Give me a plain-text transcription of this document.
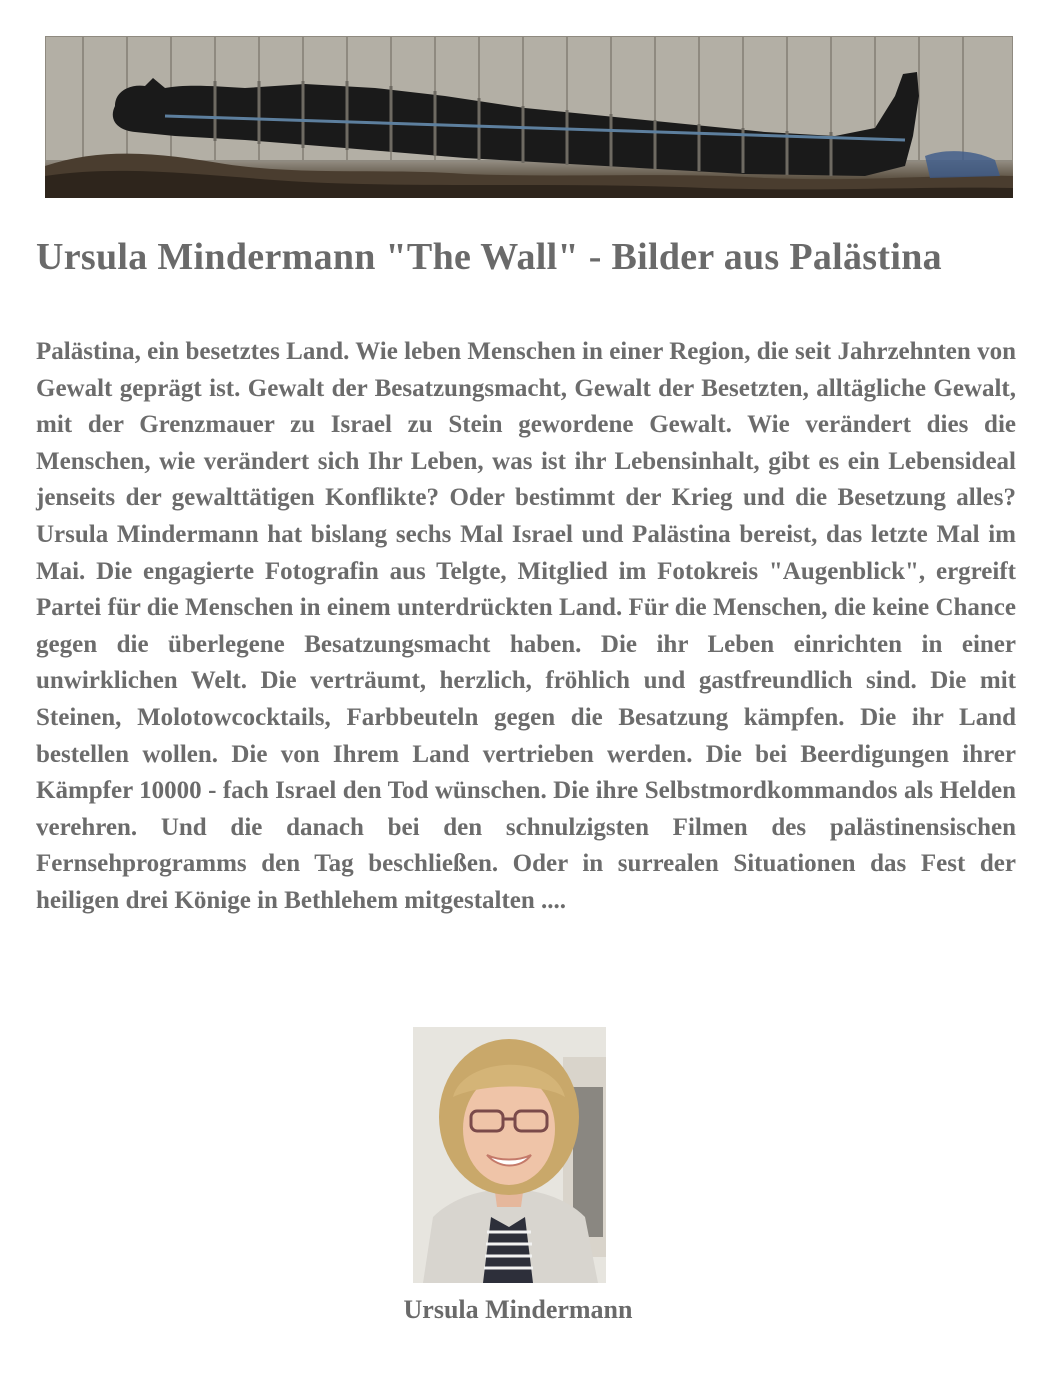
Ursula Mindermann "The Wall" - Bilder aus Palästina

Palästina, ein besetztes Land. Wie leben Menschen in einer Region, die seit Jahrzehnten von Gewalt geprägt ist. Gewalt der Besatzungsmacht, Gewalt der Besetzten, alltägliche Gewalt, mit der Grenzmauer zu Israel zu Stein gewordene Gewalt. Wie verändert dies die Menschen, wie verändert sich Ihr Leben, was ist ihr Lebensinhalt, gibt es ein Lebensideal jenseits der gewalttätigen Konflikte? Oder bestimmt der Krieg und die Besetzung alles? Ursula Mindermann hat bislang sechs Mal Israel und Palästina bereist, das letzte Mal im Mai. Die engagierte Fotografin aus Telgte, Mitglied im Fotokreis "Augenblick", ergreift Partei für die Menschen in einem unterdrückten Land. Für die Menschen, die keine Chance gegen die überlegene Besatzungsmacht haben. Die ihr Leben einrichten in einer unwirklichen Welt. Die verträumt, herzlich, fröhlich und gastfreundlich sind. Die mit Steinen, Molotowcocktails, Farbbeuteln gegen die Besatzung kämpfen. Die ihr Land bestellen wollen. Die von Ihrem Land vertrieben werden. Die bei Beerdigungen ihrer Kämpfer 10000 - fach Israel den Tod wünschen. Die ihre Selbstmordkommandos als Helden verehren. Und die danach bei den schnulzigsten Filmen des palästinensischen Fernsehprogramms den Tag beschließen. Oder in surrealen Situationen das Fest der heiligen drei Könige in Bethlehem mitgestalten ....

Ursula Mindermann
